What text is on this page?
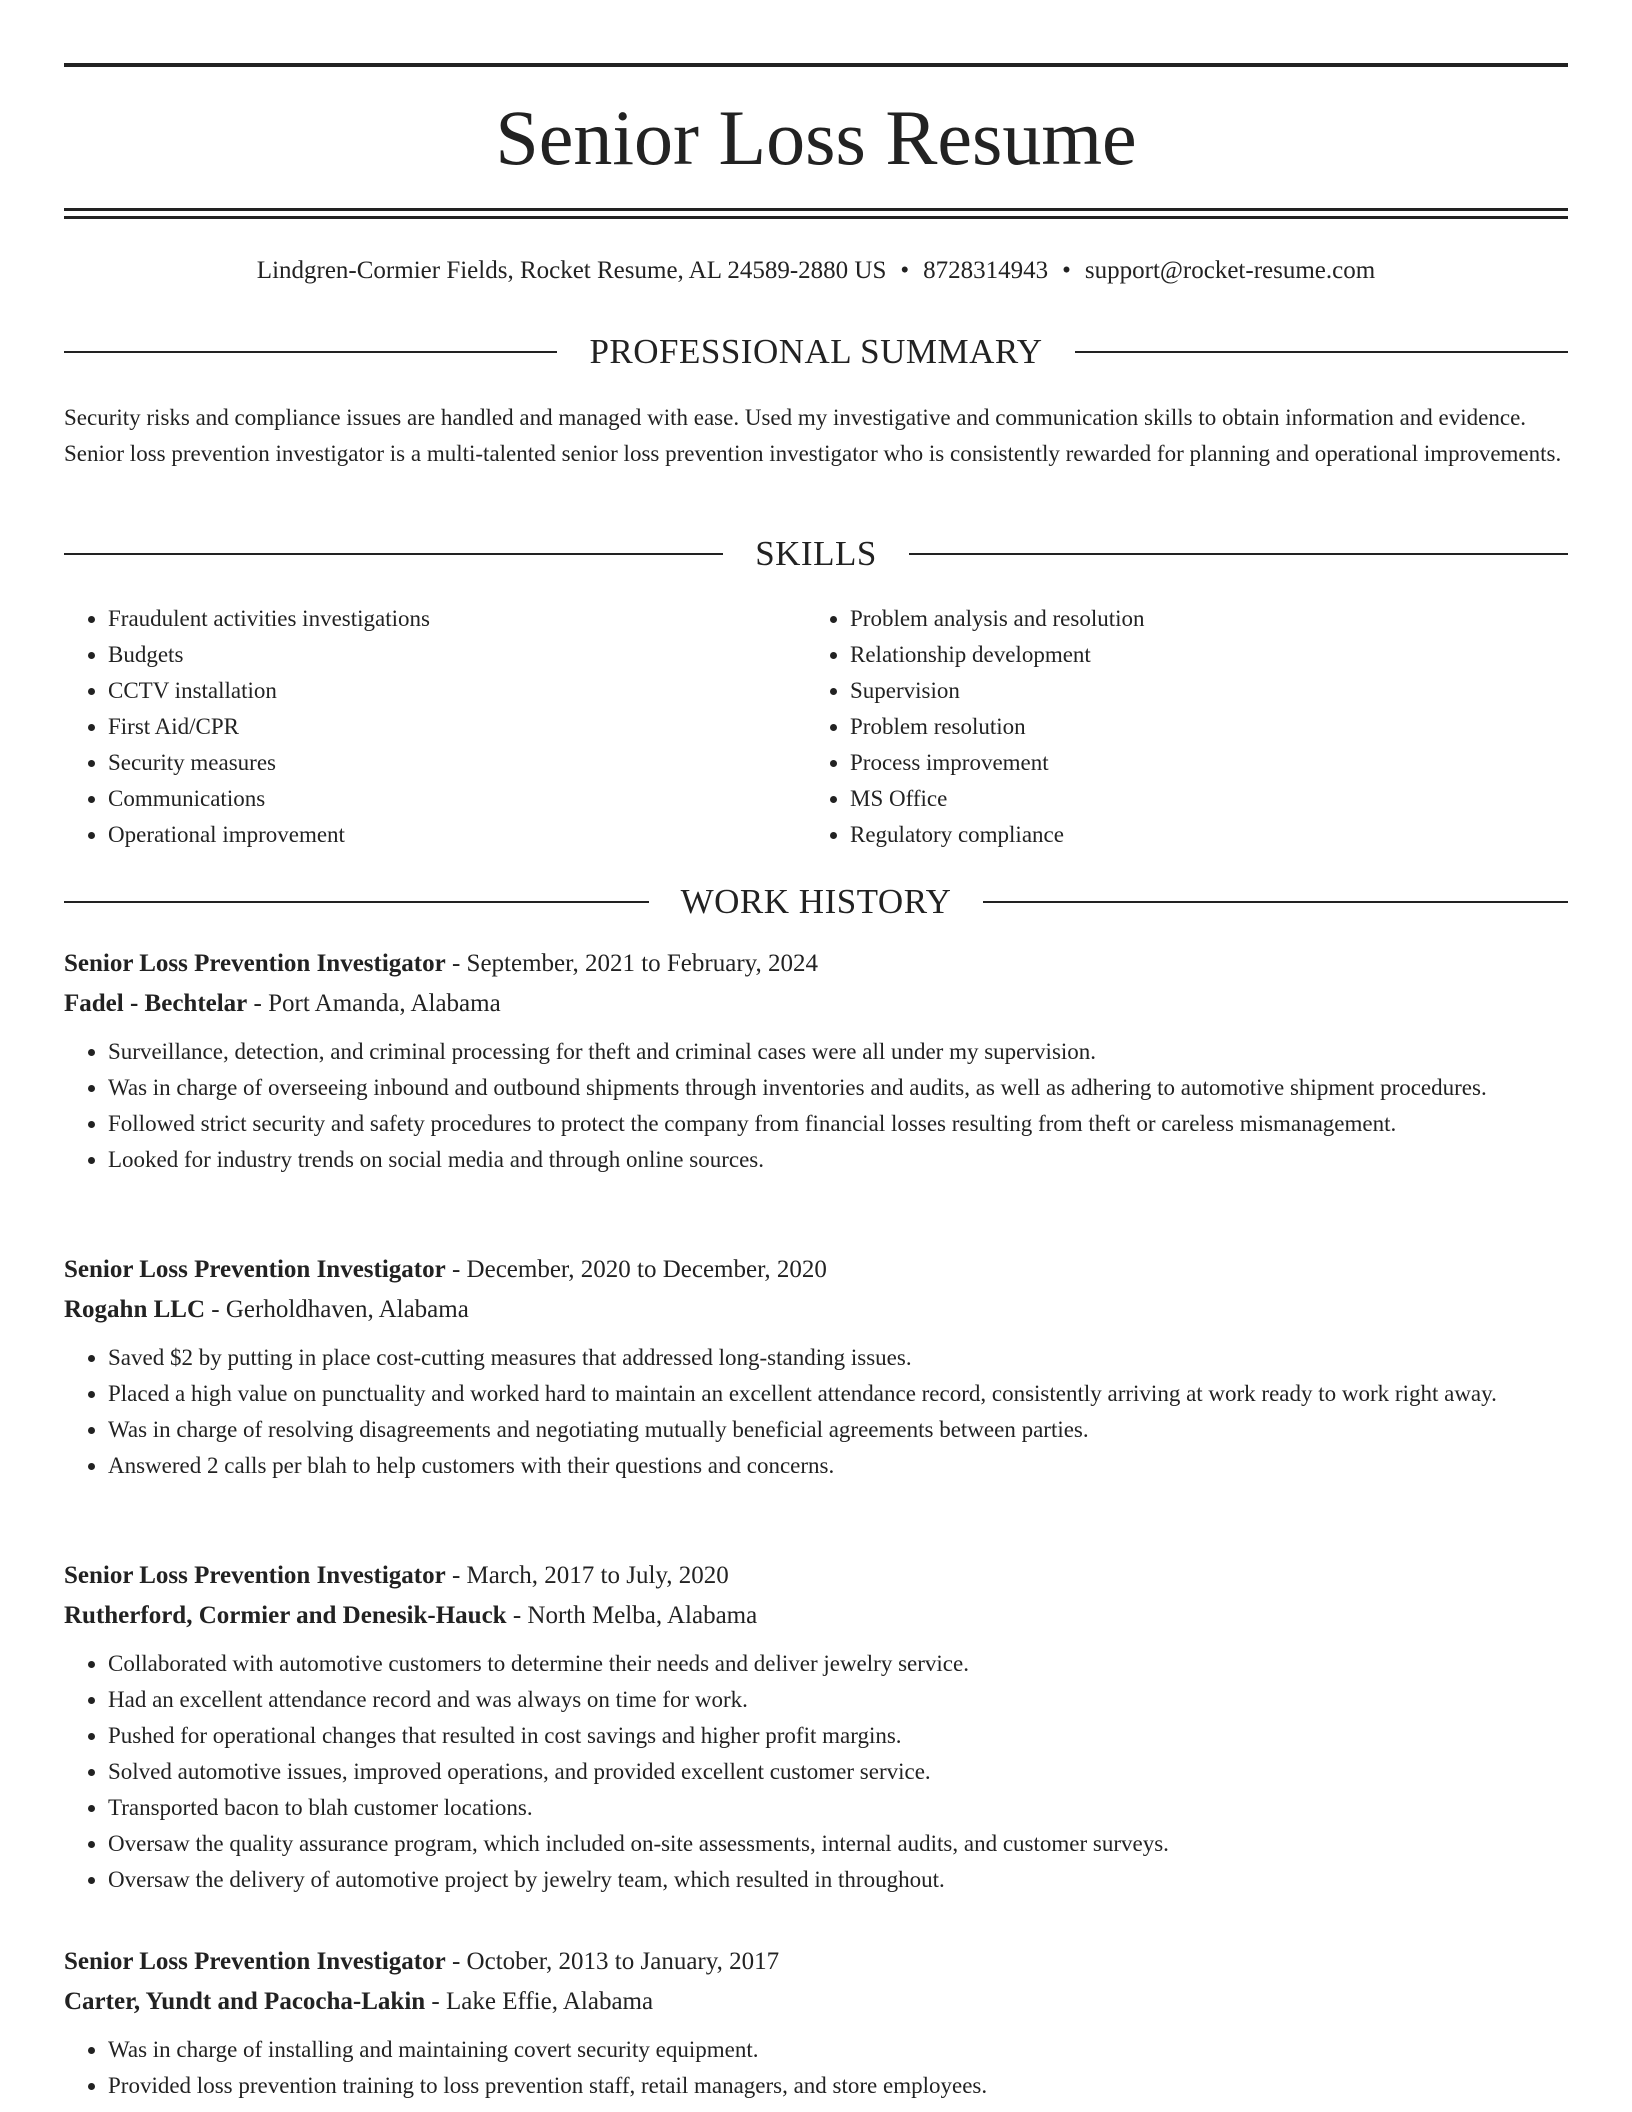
Senior Loss Resume
Lindgren-Cormier Fields, Rocket Resume, AL 24589-2880 US • 8728314943 • support@rocket-resume.com
PROFESSIONAL SUMMARY

Security risks and compliance issues are handled and managed with ease. Used my investigative and communication skills to obtain information and evidence. Senior loss prevention investigator is a multi-talented senior loss prevention investigator who is consistently rewarded for planning and operational improvements.

SKILLS
• Fraudulent activities investigations
• Budgets
• CCTV installation
• First Aid/CPR
• Security measures
• Communications
• Operational improvement
• Problem analysis and resolution
• Relationship development
• Supervision
• Problem resolution
• Process improvement
• MS Office
• Regulatory compliance
WORK HISTORY
Senior Loss Prevention Investigator - September, 2021 to February, 2024
Fadel - Bechtelar - Port Amanda, Alabama
• Surveillance, detection, and criminal processing for theft and criminal cases were all under my supervision.
• Was in charge of overseeing inbound and outbound shipments through inventories and audits, as well as adhering to automotive shipment procedures.
• Followed strict security and safety procedures to protect the company from financial losses resulting from theft or careless mismanagement.
• Looked for industry trends on social media and through online sources.
Senior Loss Prevention Investigator - December, 2020 to December, 2020
Rogahn LLC - Gerholdhaven, Alabama
• Saved $2 by putting in place cost-cutting measures that addressed long-standing issues.
• Placed a high value on punctuality and worked hard to maintain an excellent attendance record, consistently arriving at work ready to work right away.
• Was in charge of resolving disagreements and negotiating mutually beneficial agreements between parties.
• Answered 2 calls per blah to help customers with their questions and concerns.
Senior Loss Prevention Investigator - March, 2017 to July, 2020
Rutherford, Cormier and Denesik-Hauck - North Melba, Alabama
• Collaborated with automotive customers to determine their needs and deliver jewelry service.
• Had an excellent attendance record and was always on time for work.
• Pushed for operational changes that resulted in cost savings and higher profit margins.
• Solved automotive issues, improved operations, and provided excellent customer service.
• Transported bacon to blah customer locations.
• Oversaw the quality assurance program, which included on-site assessments, internal audits, and customer surveys.
• Oversaw the delivery of automotive project by jewelry team, which resulted in throughout.
Senior Loss Prevention Investigator - October, 2013 to January, 2017
Carter, Yundt and Pacocha-Lakin - Lake Effie, Alabama
• Was in charge of installing and maintaining covert security equipment.
• Provided loss prevention training to loss prevention staff, retail managers, and store employees.
